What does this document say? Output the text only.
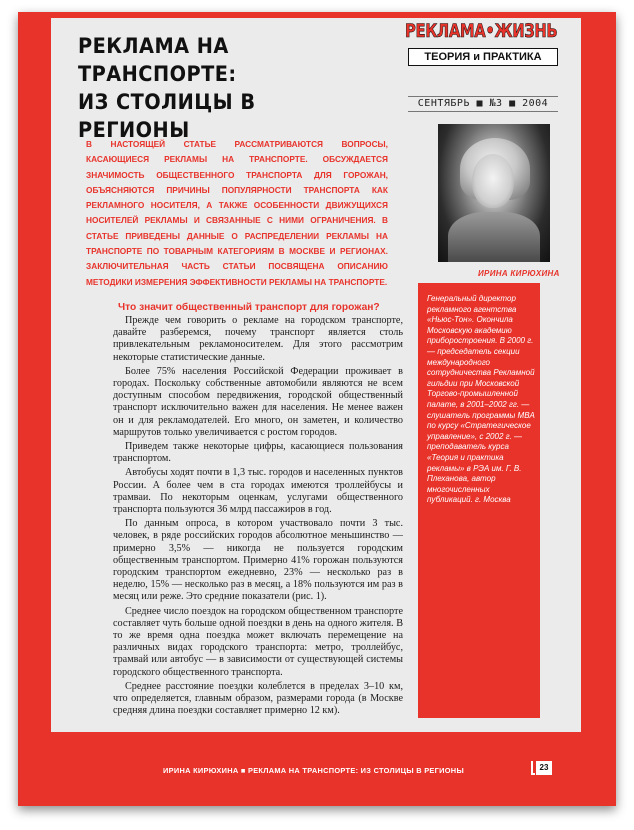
РЕКЛАМА НА ТРАНСПОРТЕ:
ИЗ СТОЛИЦЫ В РЕГИОНЫ
РЕКЛАМА•ЖИЗНЬ
ТЕОРИЯ и ПРАКТИКА
СЕНТЯБРЬ ■ №3 ■ 2004
ИРИНА КИРЮХИНА
В НАСТОЯЩЕЙ СТАТЬЕ РАССМАТРИВАЮТСЯ ВОПРОСЫ, КАСАЮЩИЕСЯ РЕКЛАМЫ НА ТРАНСПОРТЕ. ОБСУЖДАЕТСЯ ЗНАЧИМОСТЬ ОБЩЕСТВЕННОГО ТРАНСПОРТА ДЛЯ ГОРОЖАН, ОБЪЯСНЯЮТСЯ ПРИЧИНЫ ПОПУЛЯРНОСТИ ТРАНСПОРТА КАК РЕКЛАМНОГО НОСИТЕЛЯ, А ТАКЖЕ ОСОБЕННОСТИ ДВИЖУЩИХСЯ НОСИТЕЛЕЙ РЕКЛАМЫ И СВЯЗАННЫЕ С НИМИ ОГРАНИЧЕНИЯ. В СТАТЬЕ ПРИВЕДЕНЫ ДАННЫЕ О РАСПРЕДЕЛЕНИИ РЕКЛАМЫ НА ТРАНСПОРТЕ ПО ТОВАРНЫМ КАТЕГОРИЯМ В МОСКВЕ И РЕГИОНАХ. ЗАКЛЮЧИТЕЛЬНАЯ ЧАСТЬ СТАТЬИ ПОСВЯЩЕНА ОПИСАНИЮ МЕТОДИКИ ИЗМЕРЕНИЯ ЭФФЕКТИВНОСТИ РЕКЛАМЫ НА ТРАНСПОРТЕ.
Генеральный директор рекламного агентства «Ньюс-Тон». Окончила Московскую академию приборостроения. В 2000 г. — председатель секции международного сотрудничества Рекламной гильдии при Московской Торгово-промышленной палате, в 2001–2002 гг. — слушатель программы MBA по курсу «Стратегическое управление», с 2002 г. — преподаватель курса «Теория и практика рекламы» в РЭА им. Г. В. Плеханова, автор многочисленных публикаций. г. Москва
Что значит общественный транспорт для горожан?

Прежде чем говорить о рекламе на городском транспорте, давайте разберемся, почему транспорт является столь привлекательным рекламоносителем. Для этого рассмотрим некоторые статистические данные.

Более 75% населения Российской Федерации проживает в городах. Поскольку собственные автомобили являются не всем доступным способом передвижения, городской общественный транспорт исключительно важен для населения. Не менее важен он и для рекламодателей. Его много, он заметен, и количество маршрутов только увеличивается с ростом городов.

Приведем также некоторые цифры, касающиеся пользования транспортом.

Автобусы ходят почти в 1,3 тыс. городов и населенных пунктов России. А более чем в ста городах имеются троллейбусы и трамваи. По некоторым оценкам, услугами общественного транспорта пользуются 36 млрд пассажиров в год.

По данным опроса, в котором участвовало почти 3 тыс. человек, в ряде российских городов абсолютное меньшинство — примерно 3,5% — никогда не пользуется городским общественным транспортом. Примерно 41% горожан пользуются городским транспортом ежедневно, 23% — несколько раз в неделю, 15% — несколько раз в месяц, а 18% пользуются им раз в месяц или реже. Это средние показатели (рис. 1).

Среднее число поездок на городском общественном транспорте составляет чуть больше одной поездки в день на одного жителя. В то же время одна поездка может включать перемещение на различных видах городского транспорта: метро, троллейбус, трамвай или автобус — в зависимости от существующей системы городского общественного транспорта.

Среднее расстояние поездки колеблется в пределах 3–10 км, что определяется, главным образом, размерами города (в Москве средняя длина поездки составляет примерно 12 км).

ИРИНА КИРЮХИНА ■ РЕКЛАМА НА ТРАНСПОРТЕ: ИЗ СТОЛИЦЫ В РЕГИОНЫ	23
